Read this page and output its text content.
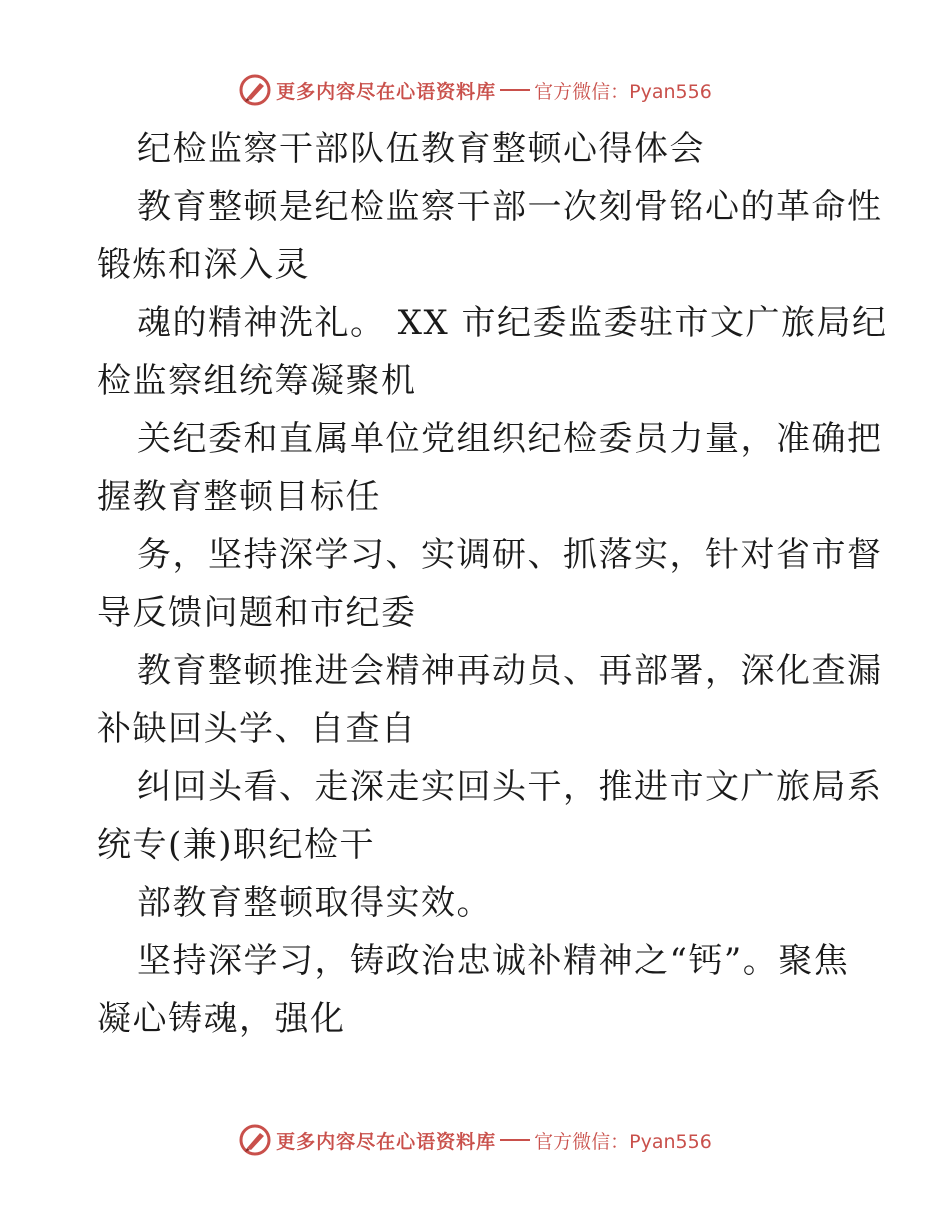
更多内容尽在心语资料库 官方微信：Pyan556
纪检监察干部队伍教育整顿心得体会
教育整顿是纪检监察干部一次刻骨铭心的革命性
锻炼和深入灵
魂的精神洗礼。 XX 市纪委监委驻市文广旅局纪
检监察组统筹凝聚机
关纪委和直属单位党组织纪检委员力量，准确把
握教育整顿目标任
务，坚持深学习、实调研、抓落实，针对省市督
导反馈问题和市纪委
教育整顿推进会精神再动员、再部署，深化查漏
补缺回头学、自查自
纠回头看、走深走实回头干，推进市文广旅局系
统专(兼)职纪检干
部教育整顿取得实效。
坚持深学习，铸政治忠诚补精神之“钙”。聚焦
凝心铸魂，强化
更多内容尽在心语资料库 官方微信：Pyan556
